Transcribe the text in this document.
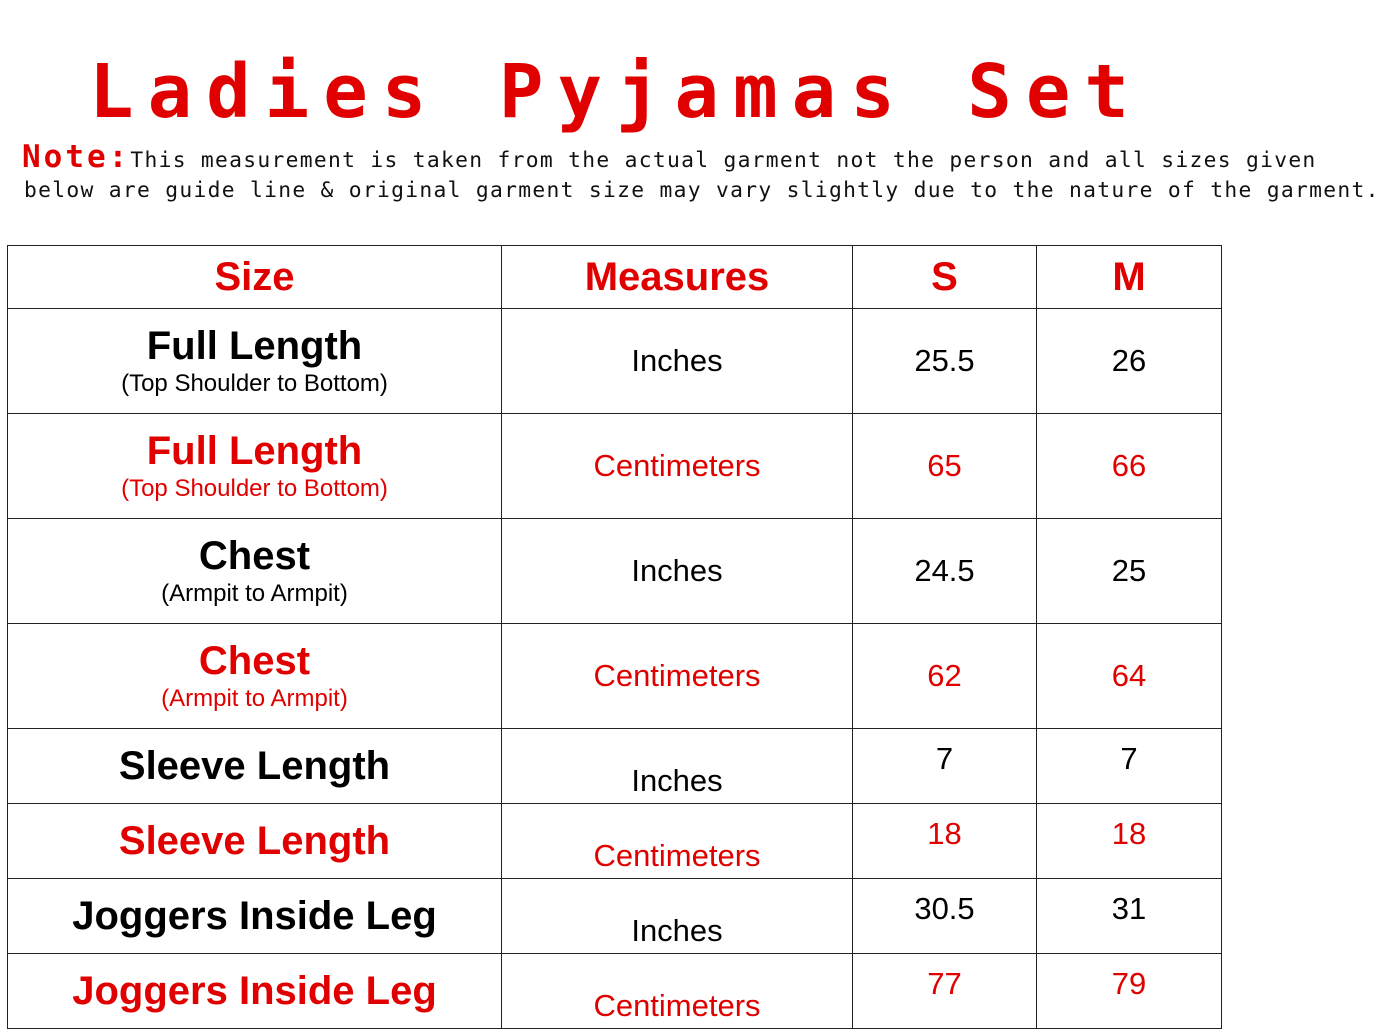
Ladies Pyjamas Set
Note:This measurement is taken from the actual garment not the person and all sizes given
below are guide line & original garment size may vary slightly due to the nature of the garment.
Size	Measures	S	M

Full Length
(Top Shoulder to Bottom)	Inches	25.5	26

Full Length
(Top Shoulder to Bottom)	Centimeters	65	66

Chest
(Armpit to Armpit)	Inches	24.5	25

Chest
(Armpit to Armpit)	Centimeters	62	64

Sleeve Length	Inches	7	7

Sleeve Length	Centimeters	18	18

Joggers Inside Leg	Inches	30.5	31

Joggers Inside Leg	Centimeters	77	79
